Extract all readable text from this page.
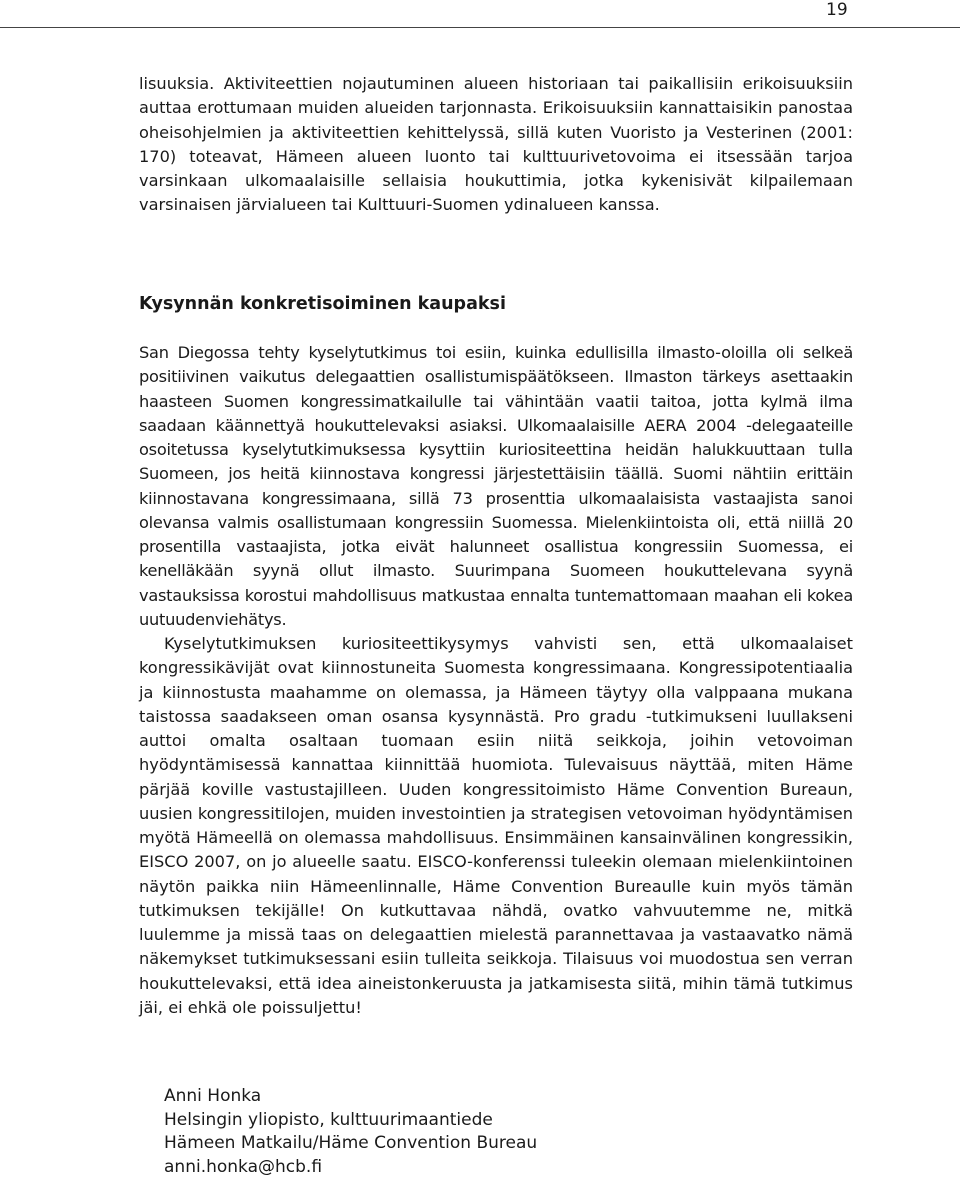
19

lisuuksia. Aktiviteettien nojautuminen alueen historiaan tai paikallisiin erikoisuuksiin auttaa erottumaan muiden alueiden tarjonnasta. Erikoisuuksiin kannattaisikin panostaa oheisohjelmien ja aktiviteettien kehittelyssä, sillä kuten Vuoristo ja Vesterinen (2001: 170) toteavat, Hämeen alueen luonto tai kulttuurivetovoima ei itsessään tarjoa varsinkaan ulkomaalaisille sellaisia houkuttimia, jotka kykenisivät kilpailemaan varsinaisen järvialueen tai Kulttuuri-Suomen ydinalueen kanssa.

Kysynnän konkretisoiminen kaupaksi

San Diegossa tehty kyselytutkimus toi esiin, kuinka edullisilla ilmasto-oloilla oli selkeä positiivinen vaikutus delegaattien osallistumispäätökseen. Ilmaston tärkeys asettaakin haasteen Suomen kongressimatkailulle tai vähintään vaatii taitoa, jotta kylmä ilma saadaan käännettyä houkuttelevaksi asiaksi. Ulkomaalaisille AERA 2004 -delegaateille osoitetussa kyselytutkimuksessa kysyttiin kuriositeettina heidän halukkuuttaan tulla Suomeen, jos heitä kiinnostava kongressi järjestettäisiin täällä. Suomi nähtiin erittäin kiinnostavana kongressimaana, sillä 73 prosenttia ulkomaalaisista vastaajista sanoi olevansa valmis osallistumaan kongressiin Suomessa. Mielenkiintoista oli, että niillä 20 prosentilla vastaajista, jotka eivät halunneet osallistua kongressiin Suomessa, ei kenelläkään syynä ollut ilmasto. Suurimpana Suomeen houkuttelevana syynä vastauksissa korostui mahdollisuus matkustaa ennalta tuntemattomaan maahan eli kokea uutuudenviehätys.

Kyselytutkimuksen kuriositeettikysymys vahvisti sen, että ulkomaalaiset kongressikävijät ovat kiinnostuneita Suomesta kongressimaana. Kongressipotentiaalia ja kiinnostusta maahamme on olemassa, ja Hämeen täytyy olla valppaana mukana taistossa saadakseen oman osansa kysynnästä. Pro gradu -tutkimukseni luullakseni auttoi omalta osaltaan tuomaan esiin niitä seikkoja, joihin vetovoiman hyödyntämisessä kannattaa kiinnittää huomiota. Tulevaisuus näyttää, miten Häme pärjää koville vastustajilleen. Uuden kongressitoimisto Häme Convention Bureaun, uusien kongressitilojen, muiden investointien ja strategisen vetovoiman hyödyntämisen myötä Hämeellä on olemassa mahdollisuus. Ensimmäinen kansainvälinen kongressikin, EISCO 2007, on jo alueelle saatu. EISCO-konferenssi tuleekin olemaan mielenkiintoinen näytön paikka niin Hämeenlinnalle, Häme Convention Bureaulle kuin myös tämän tutkimuksen tekijälle! On kutkuttavaa nähdä, ovatko vahvuutemme ne, mitkä luulemme ja missä taas on delegaattien mielestä parannettavaa ja vastaavatko nämä näkemykset tutkimuksessani esiin tulleita seikkoja. Tilaisuus voi muodostua sen verran houkuttelevaksi, että idea aineistonkeruusta ja jatkamisesta siitä, mihin tämä tutkimus jäi, ei ehkä ole poissuljettu!

Anni Honka
Helsingin yliopisto, kulttuurimaantiede
Hämeen Matkailu/Häme Convention Bureau
anni.honka@hcb.fi
